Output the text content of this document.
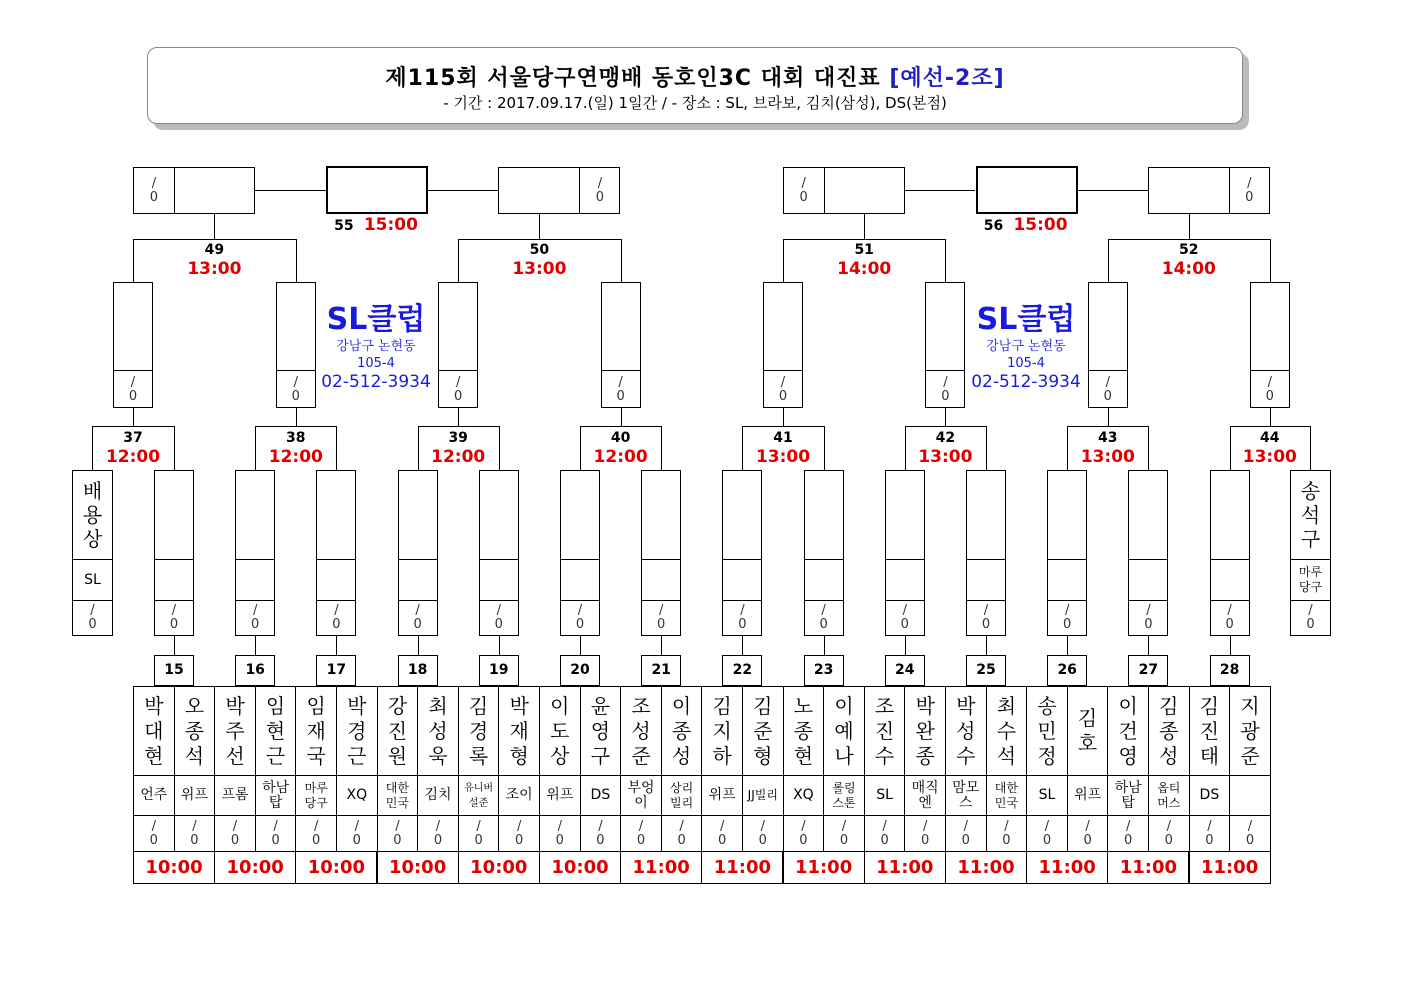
제115회 서울당구연맹배 동호인3C 대회 대진표 [예선-2조]
- 기간 : 2017.09.17.(일) 1일간 / - 장소 : SL, 브라보, 김치(삼성), DS(본점)
15
박대현
언주
/
0
오종석
위프
/
0
10:00
16
박주선
프롬
/
0
임현근
하남탑
/
0
10:00
17
임재국
마루당구
/
0
박경근
XQ
/
0
10:00
18
강진원
대한민국
/
0
최성욱
김치
/
0
10:00
19
김경록
유니버설준
/
0
박재형
조이
/
0
10:00
20
이도상
위프
/
0
윤영구
DS
/
0
10:00
21
조성준
부엉이
/
0
이종성
상리빌리
/
0
11:00
22
김지하
위프
/
0
김준형
JJ빌리
/
0
11:00
23
노종현
XQ
/
0
이예나
롤링스톤
/
0
11:00
24
조진수
SL
/
0
박완종
매직엔
/
0
11:00
25
박성수
맘모스
/
0
최수석
대한민국
/
0
11:00
26
송민정
SL
/
0
김 호
위프
/
0
11:00
27
이건영
하남탑
/
0
김종성
옵티머스
/
0
11:00
28
김진태
DS
/
0
지광준
/
0
11:00
배용상
SL
/
0
송석구
마루당구
/
0
/
0
/
0
/
0
/
0
/
0
/
0
/
0
/
0
/
0
/
0
/
0
/
0
/
0
/
0
37
12:00
38
12:00
39
12:00
40
12:00
41
13:00
42
13:00
43
13:00
44
13:00
/
0
/
0
/
0
/
0
/
0
/
0
/
0
/
0
49
13:00
50
13:00
51
14:00
52
14:00
/
0
/
0
55 15:00
/
0
/
0
56 15:00
SL클럽
강남구 논현동
105-4
02-512-3934
SL클럽
강남구 논현동
105-4
02-512-3934
